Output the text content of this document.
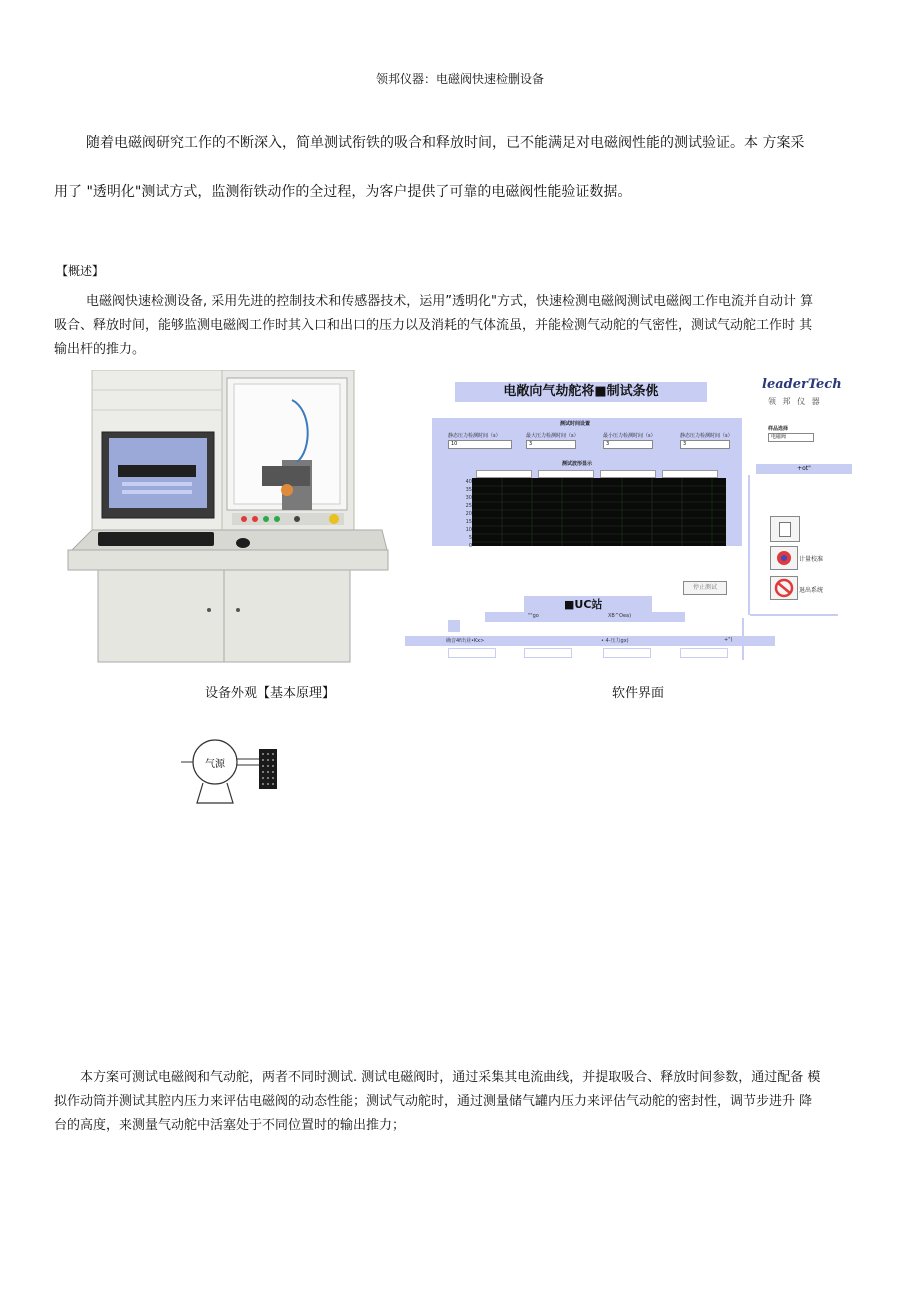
领邦仪器：电磁阀快速检删设备
随着电磁阀研究工作的不断深入，简单测试衔铁的吸合和释放时间，已不能满足对电磁阀性能的测试验证。本 方案采
用了 "透明化"测试方式，监测衔铁动作的全过程，为客户提供了可靠的电磁阀性能验证数据。
【概述】
电磁阀快速检测设备, 采用先进的控制技术和传感器技术，运用”透明化"方式，快速检测电磁阀测试电磁阀工作电流并自动计 算
吸合、释放时间，能够监测电磁阀工作时其入口和出口的压力以及消耗的气体流虽，并能检测气动舵的气密性，测试气动舵工作时 其
输出杆的推力。
电敞向气劫舵将■制试条佻	leaderTech
领 邦 仪 器
测试时间设置
静态压力检测时间（s）
10
最大压力检测时间（s）
3
最小压力检测时间（s）
3
静态压力检测时间（s）
3
样品选择
电磁阀
测试波形显示
40
35
30
25
20
15
10
5
0
+ot"
计量校准
退出系统
停止测试
■UC站
""go	XB^Oea)
确音4f出业•Kx>	• 4-压力gx)	+")
设备外观【基本原理】	软件界面
气源
本方案可测试电磁阀和气动舵，两者不同时测试. 测试电磁阀时，通过采集其电流曲线，并提取吸合、释放时间参数，通过配备 模
拟作动筒并测试其腔内压力来评估电磁阀的动态性能；测试气动舵时，通过测量储气罐内压力来评估气动舵的密封性，调节步进升 降
台的高度，来测量气动舵中活塞处于不同位置时的输出推力；
